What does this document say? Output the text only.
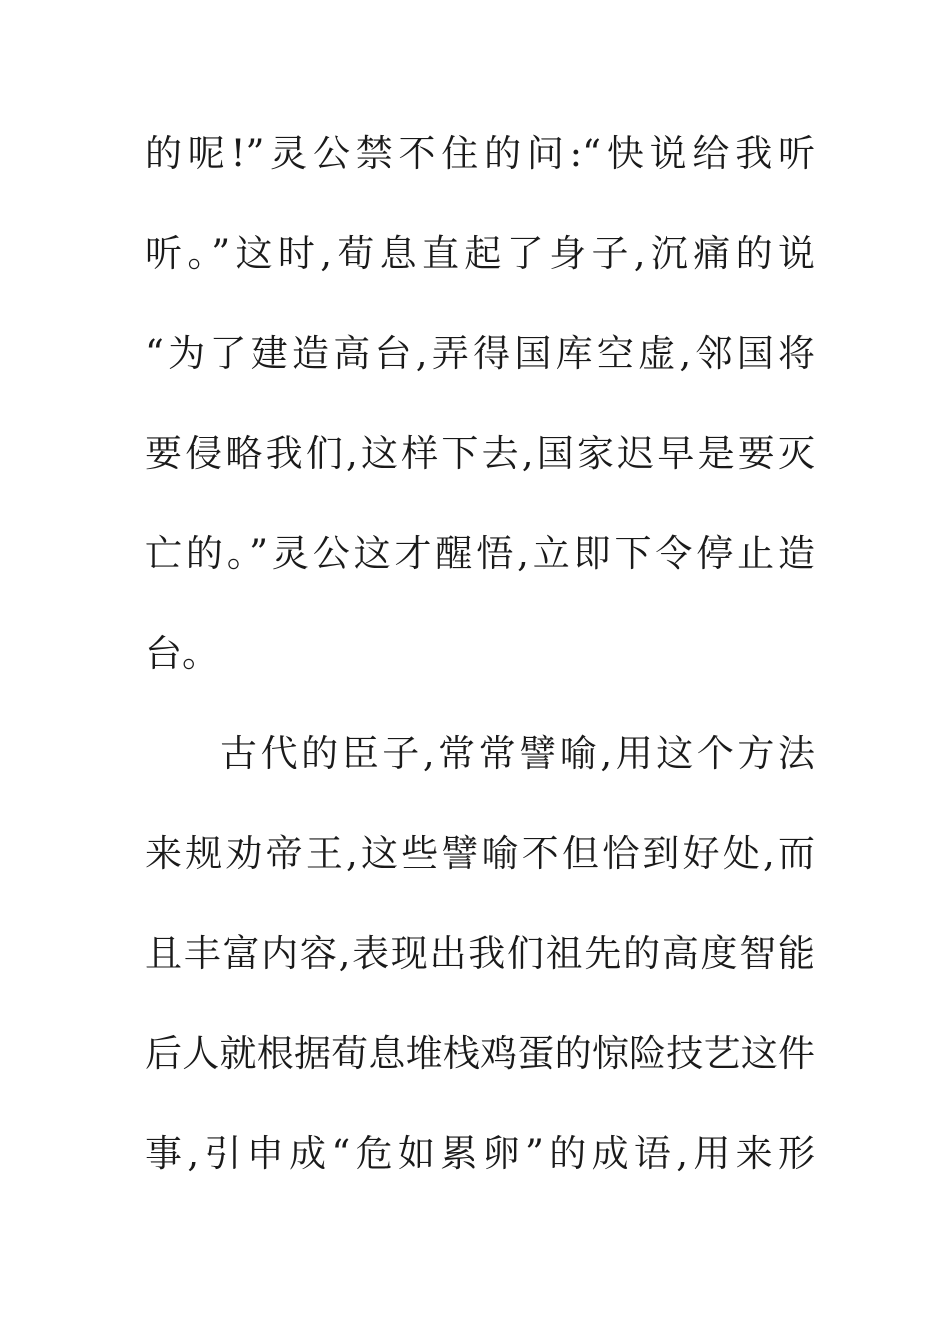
的呢!”灵公禁不住的问:“快说给我听
听。”这时,荀息直起了身子,沉痛的说
“为了建造高台,弄得国库空虚,邻国将
要侵略我们,这样下去,国家迟早是要灭
亡的。”灵公这才醒悟,立即下令停止造
台。
古代的臣子,常常譬喻,用这个方法
来规劝帝王,这些譬喻不但恰到好处,而
且丰富内容,表现出我们祖先的高度智能
后人就根据荀息堆栈鸡蛋的惊险技艺这件
事,引申成“危如累卵”的成语,用来形
